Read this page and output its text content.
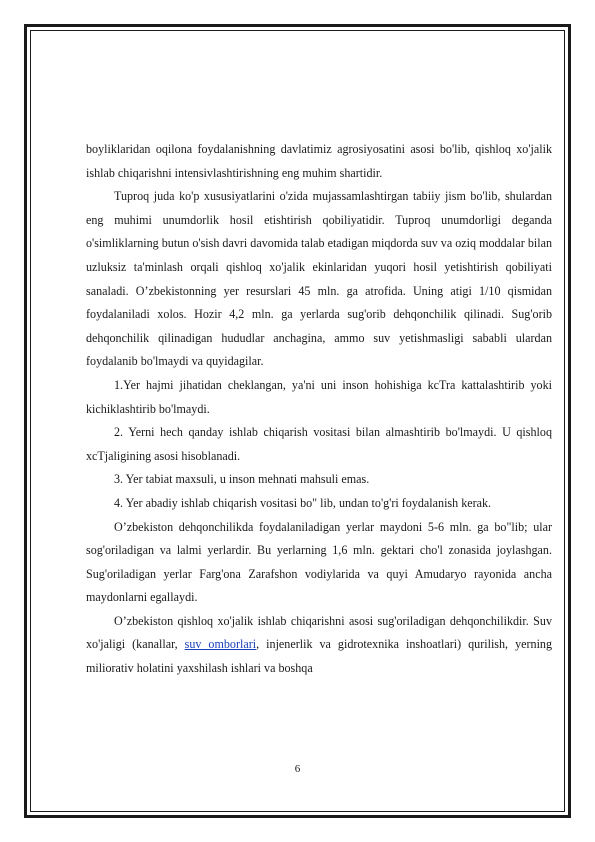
boyliklaridan oqilona foydalanishning davlatimiz agrosiyosatini asosi bo'lib, qishloq xo'jalik ishlab chiqarishni intensivlashtirishning eng muhim shartidir.

Tuproq juda ko'p xususiyatlarini o'zida mujassamlashtirgan tabiiy jism bo'lib, shulardan eng muhimi unumdorlik hosil etishtirish qobiliyatidir. Tuproq unumdorligi deganda o'simliklarning butun o'sish davri davomida talab etadigan miqdorda suv va oziq moddalar bilan uzluksiz ta'minlash orqali qishloq xo'jalik ekinlaridan yuqori hosil yetishtirish qobiliyati sanaladi. O’zbekistonning yer resurslari 45 mln. ga atrofida. Uning atigi 1/10 qismidan foydalaniladi xolos. Hozir 4,2 mln. ga yerlarda sug'orib dehqonchilik qilinadi. Sug'orib dehqonchilik qilinadigan hududlar anchagina, ammo suv yetishmasligi sababli ulardan foydalanib bo'lmaydi va quyidagilar.

1.Yer hajmi jihatidan cheklangan, ya'ni uni inson hohishiga kcTra kattalashtirib yoki kichiklashtirib bo'lmaydi.

2. Yerni hech qanday ishlab chiqarish vositasi bilan almashtirib bo'lmaydi. U qishloq xcTjaligining asosi hisoblanadi.

3. Yer tabiat maxsuli, u inson mehnati mahsuli emas.

4. Yer abadiy ishlab chiqarish vositasi bo" lib, undan to'g'ri foydalanish kerak.

O’zbekiston dehqonchilikda foydalaniladigan yerlar maydoni 5-6 mln. ga bo"lib; ular sog'oriladigan va lalmi yerlardir. Bu yerlarning 1,6 mln. gektari cho'l zonasida joylashgan. Sug'oriladigan yerlar Farg'ona Zarafshon vodiylarida va quyi Amudaryo rayonida ancha maydonlarni egallaydi.

O’zbekiston qishloq xo'jalik ishlab chiqarishni asosi sug'oriladigan dehqonchilikdir. Suv xo'jaligi (kanallar, suv omborlari, injenerlik va gidrotexnika inshoatlari) qurilish, yerning miliorativ holatini yaxshilash ishlari va boshqa

6
